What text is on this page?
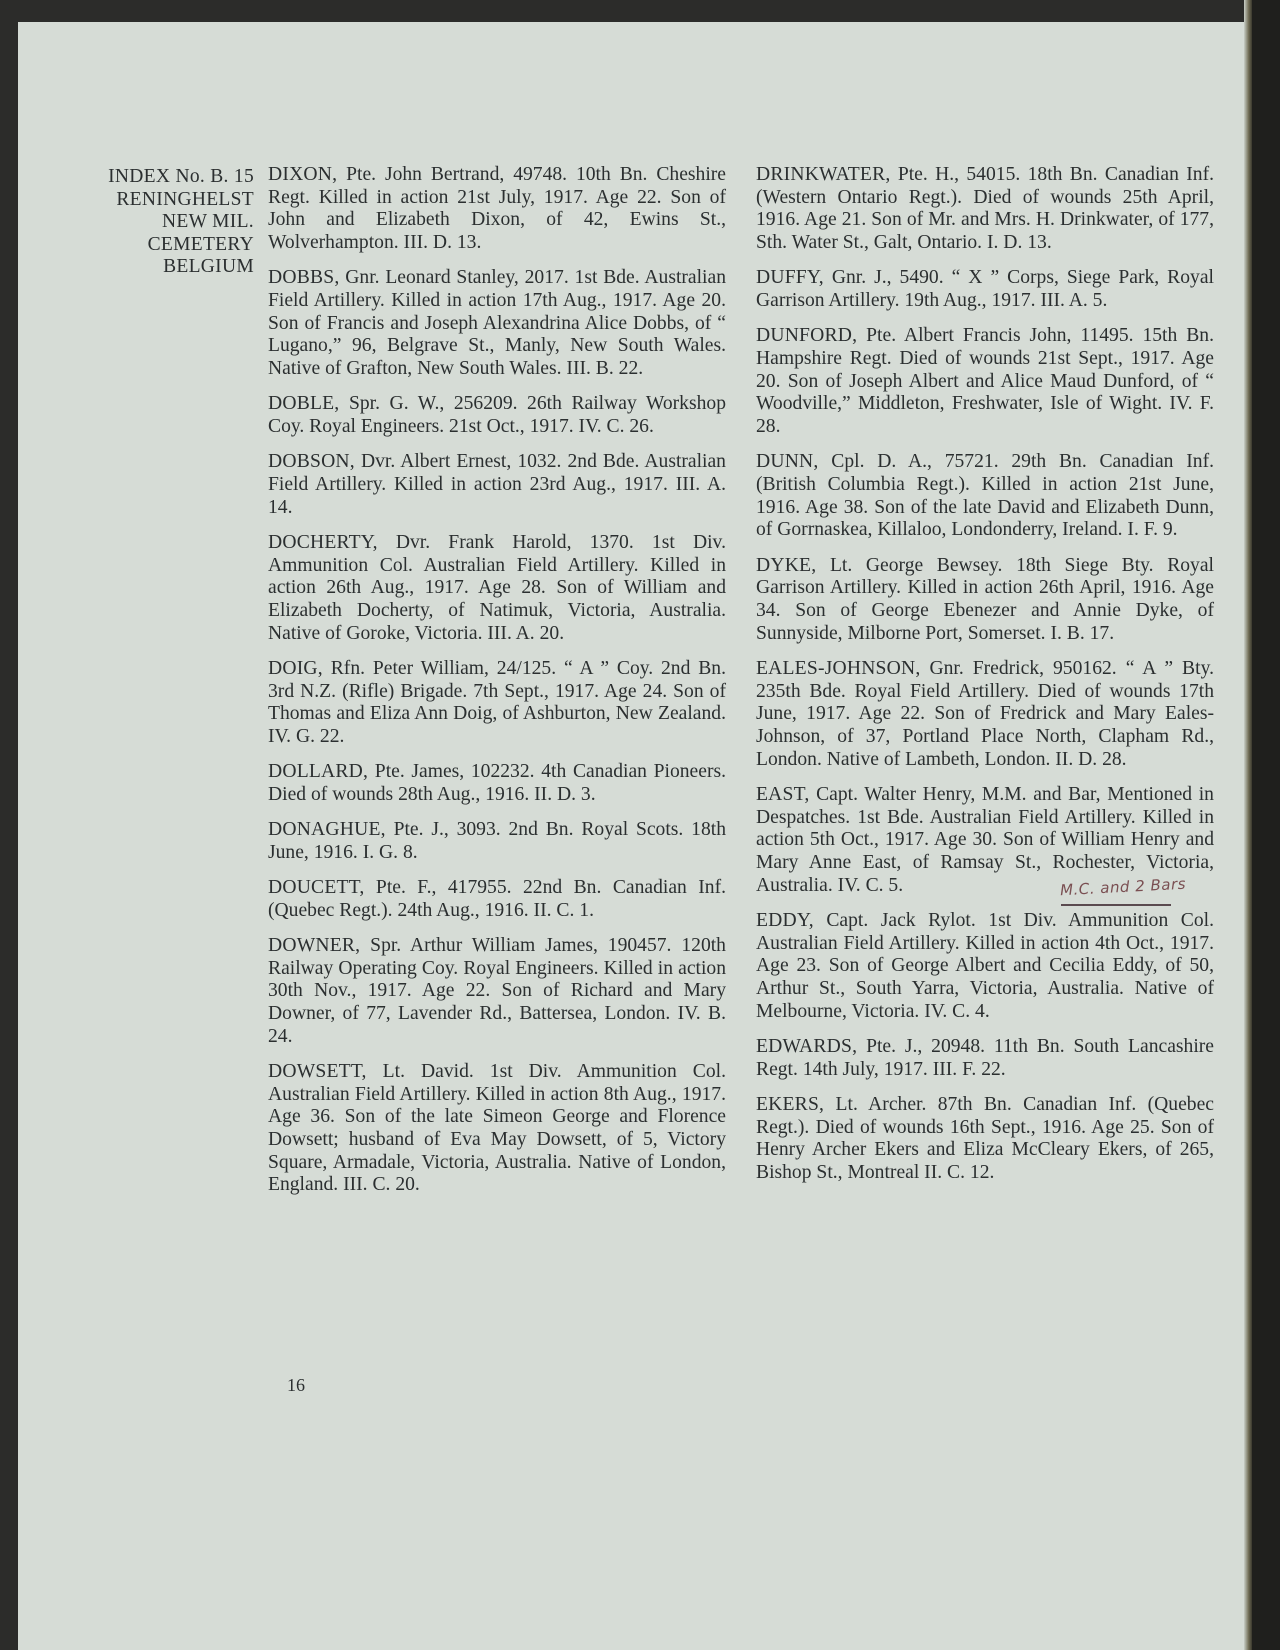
INDEX No. B. 15
RENINGHELST
NEW MIL.
CEMETERY
BELGIUM

DIXON, Pte. John Bertrand, 49748. 10th Bn. Cheshire Regt. Killed in action 21st July, 1917. Age 22. Son of John and Elizabeth Dixon, of 42, Ewins St., Wolverhampton. III. D. 13.

DOBBS, Gnr. Leonard Stanley, 2017. 1st Bde. Australian Field Artillery. Killed in action 17th Aug., 1917. Age 20. Son of Francis and Joseph Alexandrina Alice Dobbs, of “ Lugano,” 96, Belgrave St., Manly, New South Wales. Native of Grafton, New South Wales. III. B. 22.

DOBLE, Spr. G. W., 256209. 26th Railway Workshop Coy. Royal Engineers. 21st Oct., 1917. IV. C. 26.

DOBSON, Dvr. Albert Ernest, 1032. 2nd Bde. Australian Field Artillery. Killed in action 23rd Aug., 1917. III. A. 14.

DOCHERTY, Dvr. Frank Harold, 1370. 1st Div. Ammunition Col. Australian Field Artillery. Killed in action 26th Aug., 1917. Age 28. Son of William and Elizabeth Docherty, of Natimuk, Victoria, Australia. Native of Goroke, Victoria. III. A. 20.

DOIG, Rfn. Peter William, 24/125. “ A ” Coy. 2nd Bn. 3rd N.Z. (Rifle) Brigade. 7th Sept., 1917. Age 24. Son of Thomas and Eliza Ann Doig, of Ashburton, New Zealand. IV. G. 22.

DOLLARD, Pte. James, 102232. 4th Canadian Pioneers. Died of wounds 28th Aug., 1916. II. D. 3.

DONAGHUE, Pte. J., 3093. 2nd Bn. Royal Scots. 18th June, 1916. I. G. 8.

DOUCETT, Pte. F., 417955. 22nd Bn. Canadian Inf. (Quebec Regt.). 24th Aug., 1916. II. C. 1.

DOWNER, Spr. Arthur William James, 190457. 120th Railway Operating Coy. Royal Engineers. Killed in action 30th Nov., 1917. Age 22. Son of Richard and Mary Downer, of 77, Lavender Rd., Battersea, London. IV. B. 24.

DOWSETT, Lt. David. 1st Div. Ammunition Col. Australian Field Artillery. Killed in action 8th Aug., 1917. Age 36. Son of the late Simeon George and Florence Dowsett; husband of Eva May Dowsett, of 5, Victory Square, Armadale, Victoria, Australia. Native of London, England. III. C. 20.

DRINKWATER, Pte. H., 54015. 18th Bn. Canadian Inf. (Western Ontario Regt.). Died of wounds 25th April, 1916. Age 21. Son of Mr. and Mrs. H. Drinkwater, of 177, Sth. Water St., Galt, Ontario. I. D. 13.

DUFFY, Gnr. J., 5490. “ X ” Corps, Siege Park, Royal Garrison Artillery. 19th Aug., 1917. III. A. 5.

DUNFORD, Pte. Albert Francis John, 11495. 15th Bn. Hampshire Regt. Died of wounds 21st Sept., 1917. Age 20. Son of Joseph Albert and Alice Maud Dunford, of “ Woodville,” Middleton, Freshwater, Isle of Wight. IV. F. 28.

DUNN, Cpl. D. A., 75721. 29th Bn. Canadian Inf. (British Columbia Regt.). Killed in action 21st June, 1916. Age 38. Son of the late David and Elizabeth Dunn, of Gorrnaskea, Killaloo, Londonderry, Ireland. I. F. 9.

DYKE, Lt. George Bewsey. 18th Siege Bty. Royal Garrison Artillery. Killed in action 26th April, 1916. Age 34. Son of George Ebenezer and Annie Dyke, of Sunnyside, Milborne Port, Somerset. I. B. 17.

EALES-JOHNSON, Gnr. Fredrick, 950162. “ A ” Bty. 235th Bde. Royal Field Artillery. Died of wounds 17th June, 1917. Age 22. Son of Fredrick and Mary Eales-Johnson, of 37, Portland Place North, Clapham Rd., London. Native of Lambeth, London. II. D. 28.

EAST, Capt. Walter Henry, M.M. and Bar, Mentioned in Despatches. 1st Bde. Australian Field Artillery. Killed in action 5th Oct., 1917. Age 30. Son of William Henry and Mary Anne East, of Ramsay St., Rochester, Victoria, Australia. IV. C. 5.

EDDY, Capt. Jack Rylot. 1st Div. Ammunition Col. Australian Field Artillery. Killed in action 4th Oct., 1917. Age 23. Son of George Albert and Cecilia Eddy, of 50, Arthur St., South Yarra, Victoria, Australia. Native of Melbourne, Victoria. IV. C. 4.

EDWARDS, Pte. J., 20948. 11th Bn. South Lancashire Regt. 14th July, 1917. III. F. 22.

EKERS, Lt. Archer. 87th Bn. Canadian Inf. (Quebec Regt.). Died of wounds 16th Sept., 1916. Age 25. Son of Henry Archer Ekers and Eliza McCleary Ekers, of 265, Bishop St., Montreal II. C. 12.

16
M.C. and 2 Bars
